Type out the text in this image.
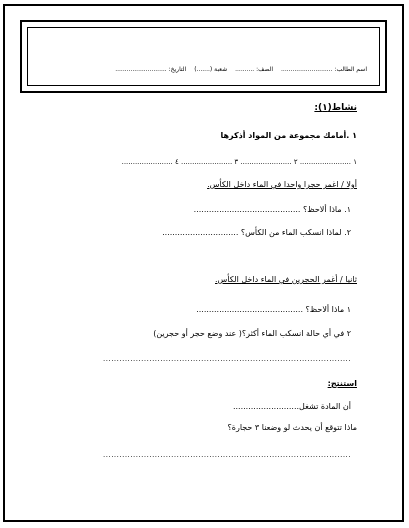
اسم الطالب: ...........................
الصف: ..........
شعبة (.......)
التاريخ: ...........................
نشاط(١):
١ .أمامك مجموعة من المواد أذكرها
١ ....................... ٢ ....................... ٣ ....................... ٤ .......................
أولا / اغمر حجرا واحدا في الماء داخل الكأس.
١. ماذا ألاحظ؟ ..........................................
٢. لماذا انسكب الماء من الكأس؟ ..............................
ثانيا / أغمر الحجرين في الماء داخل الكأس.
١ ماذا ألاحظ؟ ..........................................
٢ في أي حالة انسكب الماء أكثر؟( عند وضع حجر أو حجرين)
...........................................................................................
استنتج:
أن المادة تشغل..........................
ماذا تتوقع أن يحدث لو وضعنا ٣ حجارة؟
...........................................................................................
